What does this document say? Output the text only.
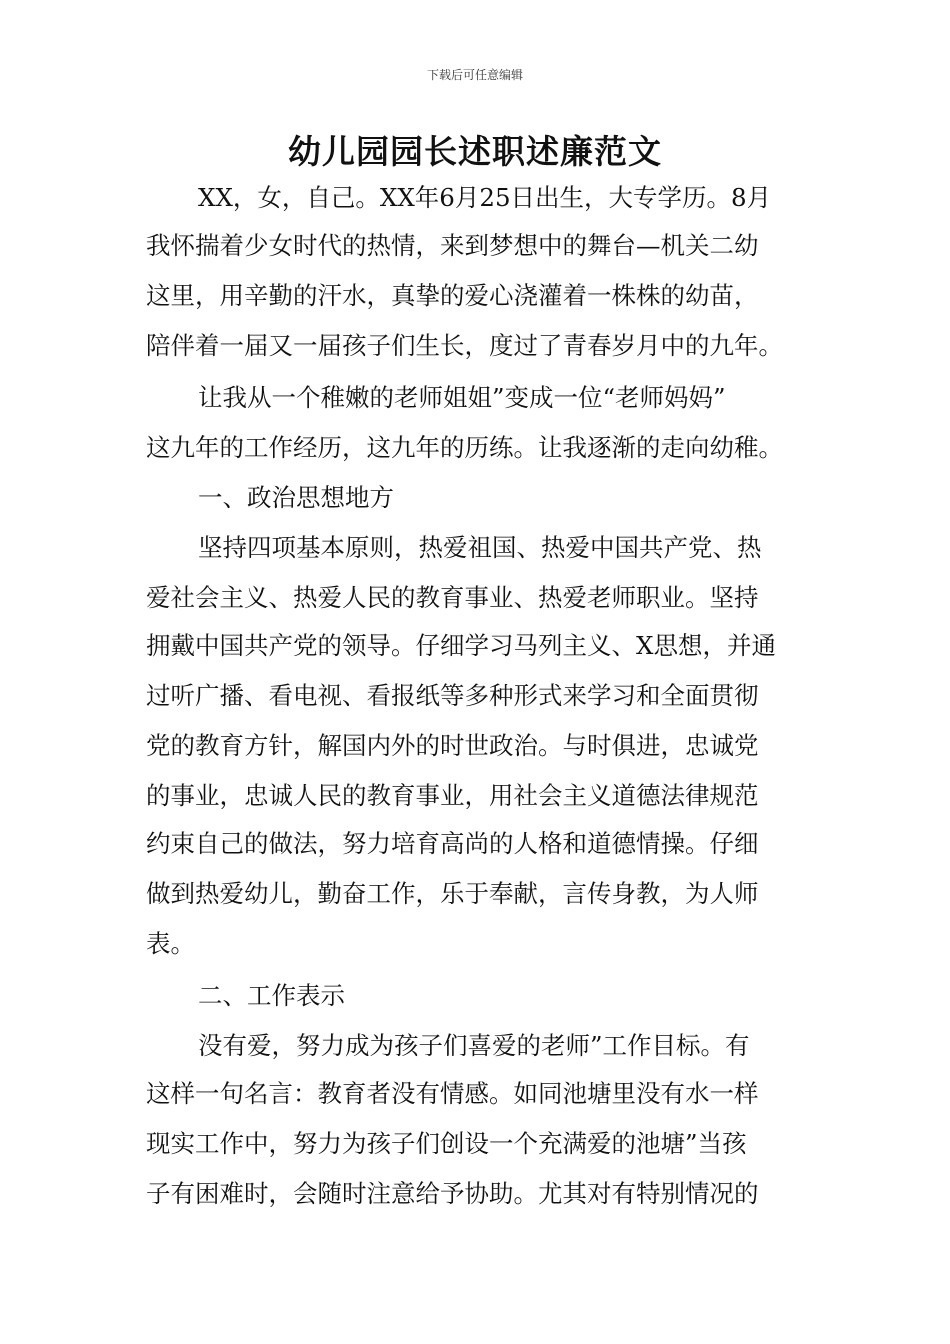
下载后可任意编辑
幼儿园园长述职述廉范文
XX，女，自己。XX年6月25日出生，大专学历。8月
我怀揣着少女时代的热情，来到梦想中的舞台—机关二幼
这里，用辛勤的汗水，真挚的爱心浇灌着一株株的幼苗，
陪伴着一届又一届孩子们生长，度过了青春岁月中的九年。
让我从一个稚嫩的老师姐姐”变成一位“老师妈妈”
这九年的工作经历，这九年的历练。让我逐渐的走向幼稚。
一、政治思想地方
坚持四项基本原则，热爱祖国、热爱中国共产党、热
爱社会主义、热爱人民的教育事业、热爱老师职业。坚持
拥戴中国共产党的领导。仔细学习马列主义、X思想，并通
过听广播、看电视、看报纸等多种形式来学习和全面贯彻
党的教育方针，解国内外的时世政治。与时俱进，忠诚党
的事业，忠诚人民的教育事业，用社会主义道德法律规范
约束自己的做法，努力培育高尚的人格和道德情操。仔细
做到热爱幼儿，勤奋工作，乐于奉献，言传身教，为人师
表。
二、工作表示
没有爱，努力成为孩子们喜爱的老师”工作目标。有
这样一句名言：教育者没有情感。如同池塘里没有水一样
现实工作中，努力为孩子们创设一个充满爱的池塘”当孩
子有困难时，会随时注意给予协助。尤其对有特别情况的
